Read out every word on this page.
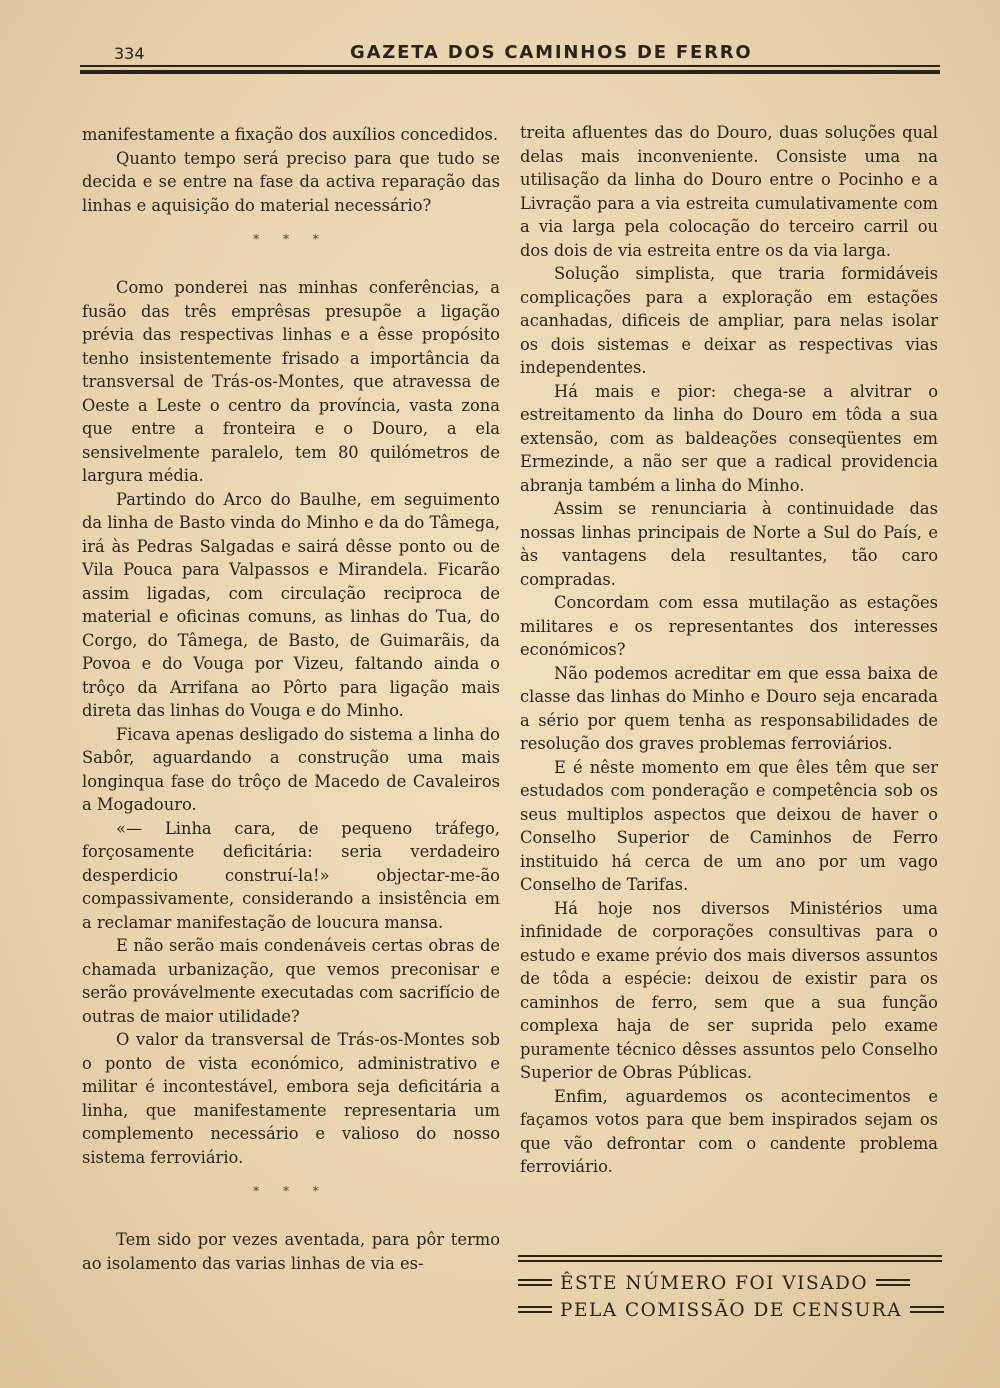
334	GAZETA DOS CAMINHOS DE FERRO

manifestamente a fixação dos auxílios concedidos.

Quanto tempo será preciso para que tudo se decida e se entre na fase da activa reparação das linhas e aquisição do material necessário?

* * *

Como ponderei nas minhas conferências, a fusão das três emprêsas presupõe a ligação prévia das respectivas linhas e a êsse propósito tenho insistentemente frisado a importância da transversal de Trás-os-Montes, que atravessa de Oeste a Leste o centro da província, vasta zona que entre a fronteira e o Douro, a ela sensivelmente paralelo, tem 80 quilómetros de largura média.

Partindo do Arco do Baulhe, em seguimento da linha de Basto vinda do Minho e da do Tâmega, irá às Pedras Salgadas e sairá dêsse ponto ou de Vila Pouca para Valpassos e Mirandela. Ficarão assim ligadas, com circulação reciproca de material e oficinas comuns, as linhas do Tua, do Corgo, do Tâmega, de Basto, de Guimarãis, da Povoa e do Vouga por Vizeu, faltando ainda o trôço da Arrifana ao Pôrto para ligação mais direta das linhas do Vouga e do Minho.

Ficava apenas desligado do sistema a linha do Sabôr, aguardando a construção uma mais longinqua fase do trôço de Macedo de Cavaleiros a Mogadouro.

«— Linha cara, de pequeno tráfego, forçosamente deficitária: seria verdadeiro desperdicio construí-la!» objectar-me-ão compassivamente, considerando a insistência em a reclamar manifestação de loucura mansa.

E não serão mais condenáveis certas obras de chamada urbanização, que vemos preconisar e serão provávelmente executadas com sacrifício de outras de maior utilidade?

O valor da transversal de Trás-os-Montes sob o ponto de vista económico, administrativo e militar é incontestável, embora seja deficitária a linha, que manifestamente representaria um complemento necessário e valioso do nosso sistema ferroviário.

* * *

Tem sido por vezes aventada, para pôr termo ao isolamento das varias linhas de via es-

treita afluentes das do Douro, duas soluções qual delas mais inconveniente. Consiste uma na utilisação da linha do Douro entre o Pocinho e a Livração para a via estreita cumulativamente com a via larga pela colocação do terceiro carril ou dos dois de via estreita entre os da via larga.

Solução simplista, que traria formidáveis complicações para a exploração em estações acanhadas, dificeis de ampliar, para nelas isolar os dois sistemas e deixar as respectivas vias independentes.

Há mais e pior: chega-se a alvitrar o estreitamento da linha do Douro em tôda a sua extensão, com as baldeações conseqüentes em Ermezinde, a não ser que a radical providencia abranja também a linha do Minho.

Assim se renunciaria à continuidade das nossas linhas principais de Norte a Sul do País, e às vantagens dela resultantes, tão caro compradas.

Concordam com essa mutilação as estações militares e os representantes dos interesses económicos?

Não podemos acreditar em que essa baixa de classe das linhas do Minho e Douro seja encarada a sério por quem tenha as responsabilidades de resolução dos graves problemas ferroviários.

E é nêste momento em que êles têm que ser estudados com ponderação e competência sob os seus multiplos aspectos que deixou de haver o Conselho Superior de Caminhos de Ferro instituido há cerca de um ano por um vago Conselho de Tarifas.

Há hoje nos diversos Ministérios uma infinidade de corporações consultivas para o estudo e exame prévio dos mais diversos assuntos de tôda a espécie: deixou de existir para os caminhos de ferro, sem que a sua função complexa haja de ser suprida pelo exame puramente técnico dêsses assuntos pelo Conselho Superior de Obras Públicas.

Enfim, aguardemos os acontecimentos e façamos votos para que bem inspirados sejam os que vão defrontar com o candente problema ferroviário.

ÊSTE NÚMERO FOI VISADO
PELA COMISSÃO DE CENSURA
